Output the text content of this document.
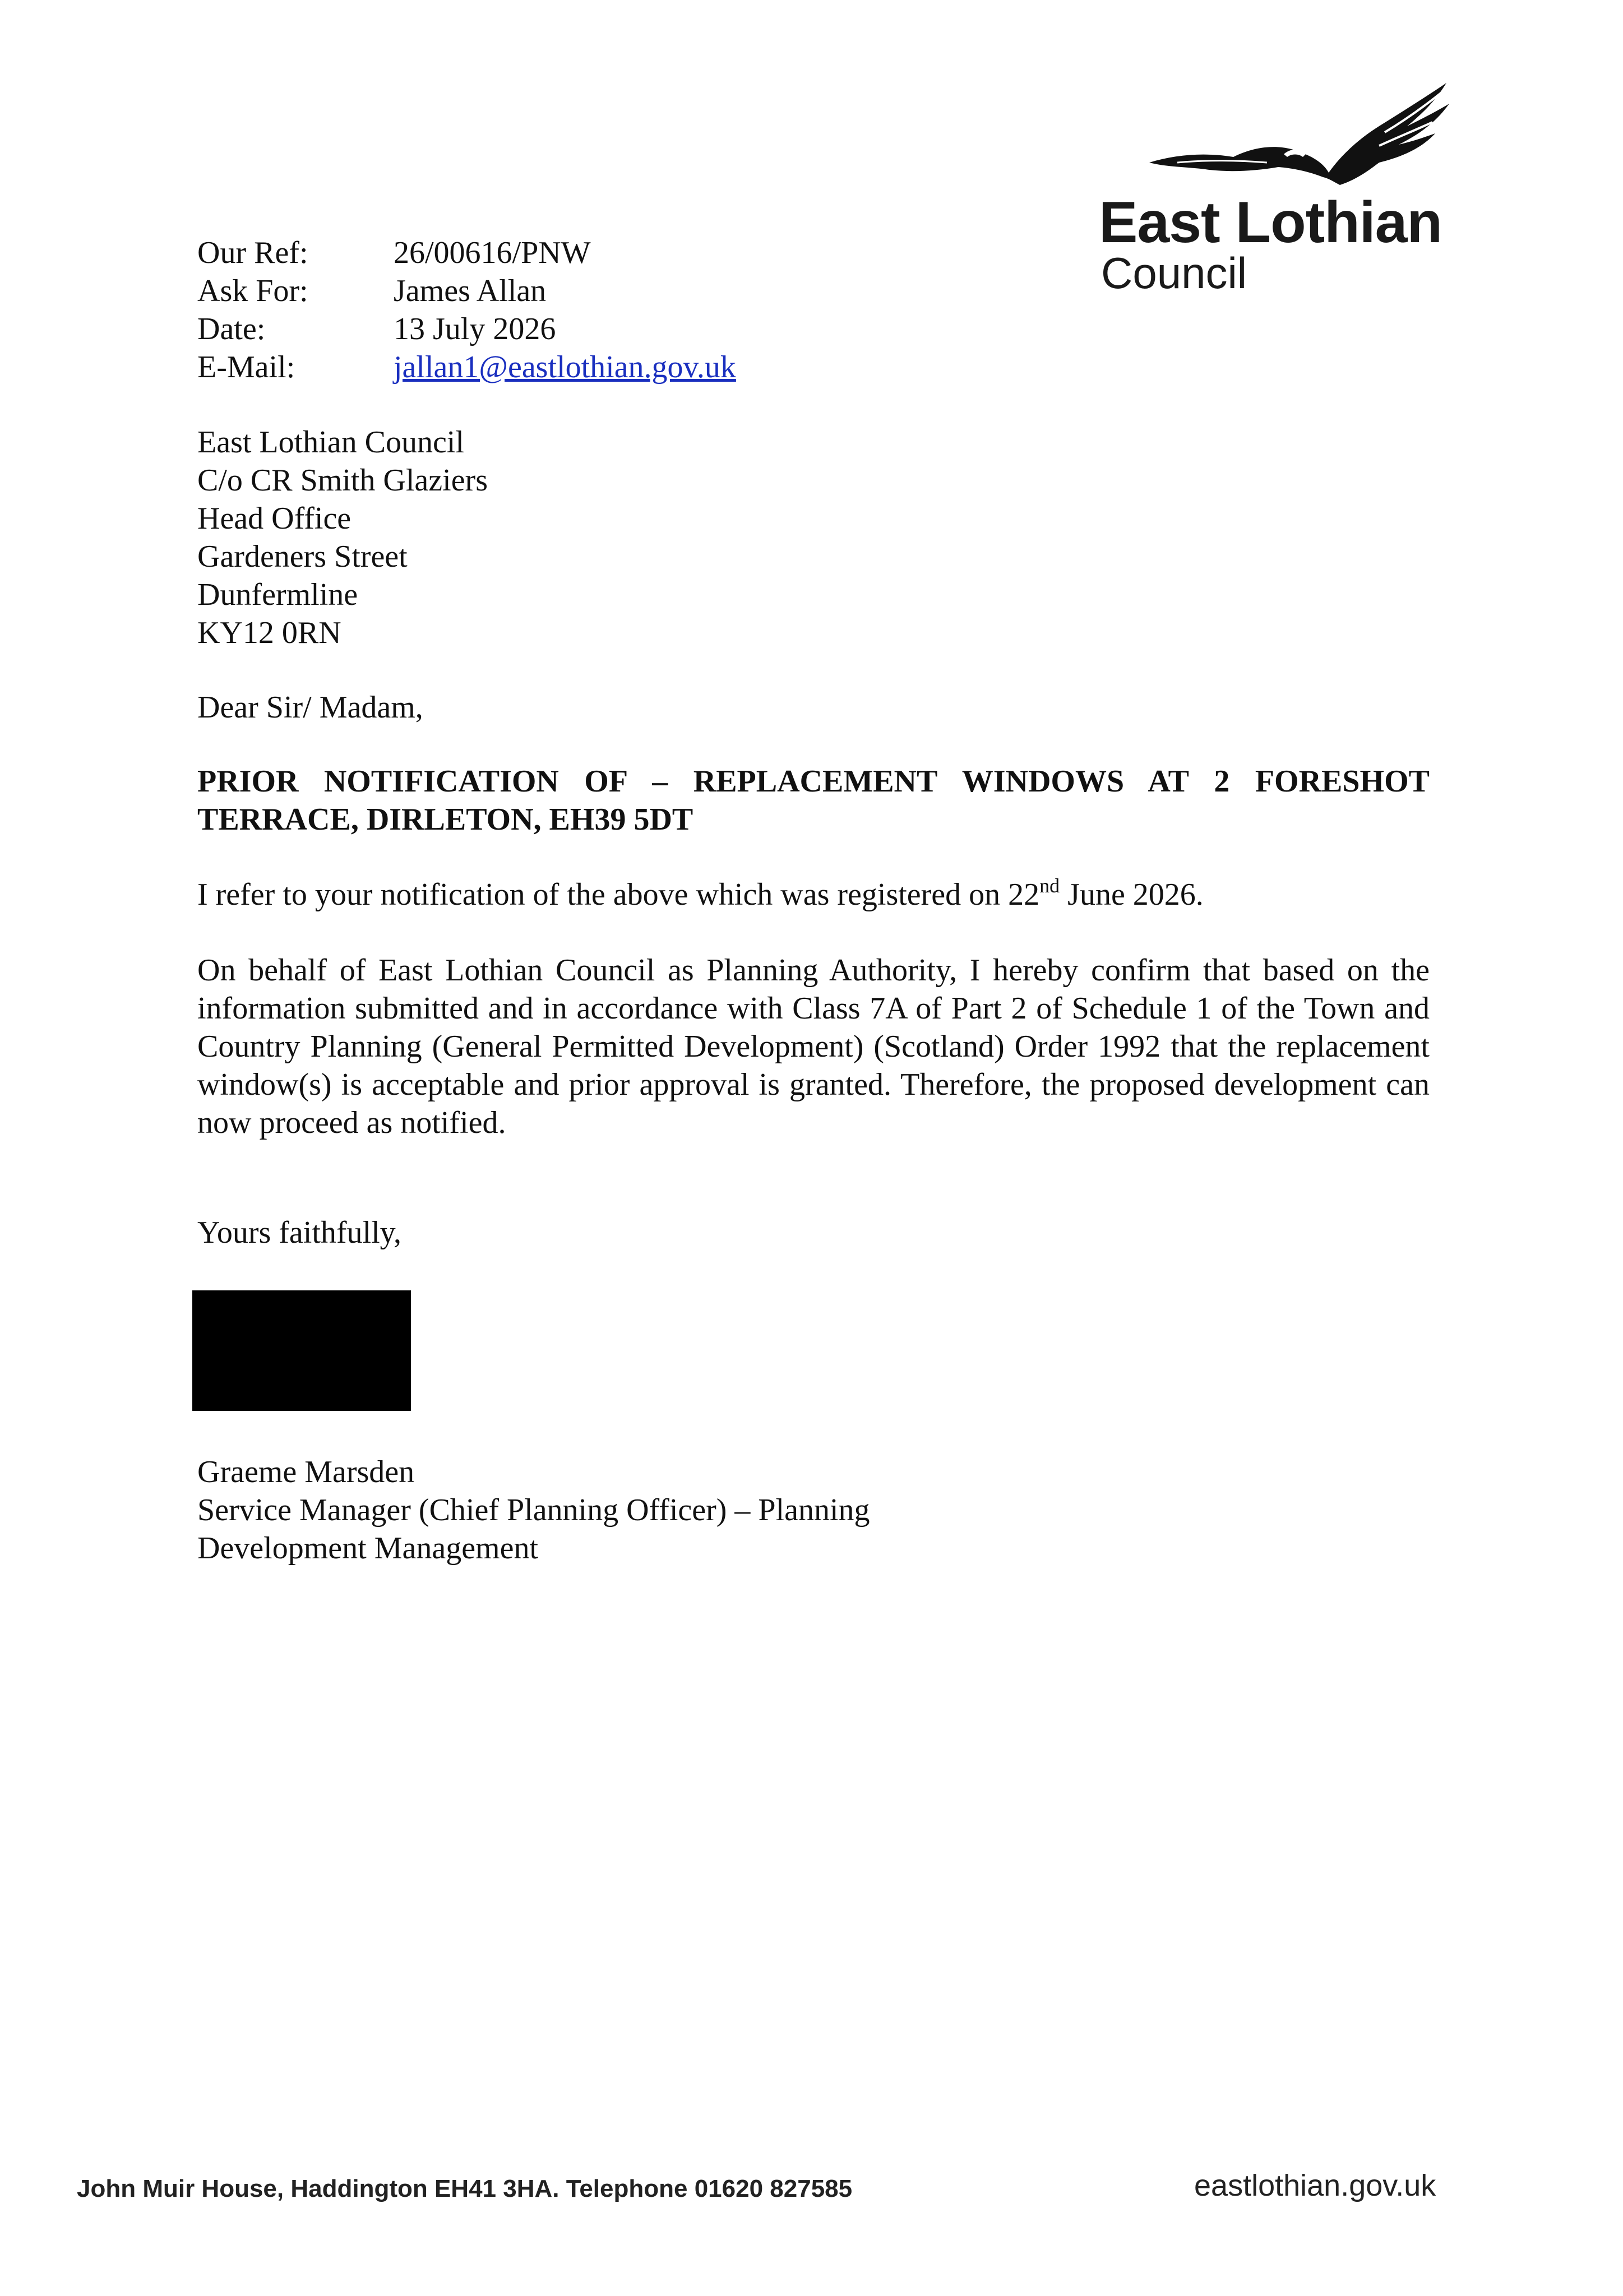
East Lothian
Council
Our Ref:	26/00616/PNW
Ask For:	James Allan
Date:	13 July 2026
E-Mail:	jallan1@eastlothian.gov.uk
East Lothian Council
C/o CR Smith Glaziers
Head Office
Gardeners Street
Dunfermline
KY12 0RN
Dear Sir/ Madam,
PRIOR NOTIFICATION OF – REPLACEMENT WINDOWS AT 2 FORESHOT TERRACE, DIRLETON, EH39 5DT
I refer to your notification of the above which was registered on 22nd June 2026.
On behalf of East Lothian Council as Planning Authority, I hereby confirm that based on the information submitted and in accordance with Class 7A of Part 2 of Schedule 1 of the Town and Country Planning (General Permitted Development) (Scotland) Order 1992 that the replacement window(s) is acceptable and prior approval is granted. Therefore, the proposed development can now proceed as notified.
Yours faithfully,
Graeme Marsden
Service Manager (Chief Planning Officer) – Planning
Development Management
John Muir House, Haddington EH41 3HA. Telephone 01620 827585	eastlothian.gov.uk
